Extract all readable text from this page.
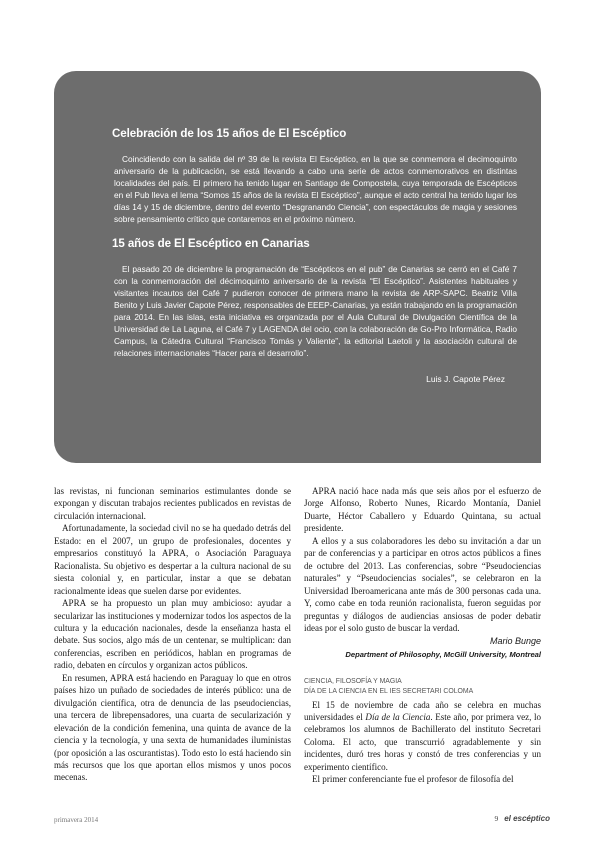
Celebración de los 15 años de El Escéptico

Coincidiendo con la salida del nº 39 de la revista El Escéptico, en la que se conmemora el decimoquinto aniversario de la publicación, se está llevando a cabo una serie de actos conmemorativos en distintas localidades del país. El primero ha tenido lugar en Santiago de Compostela, cuya temporada de Escépticos en el Pub lleva el lema “Somos 15 años de la revista El Escéptico”, aunque el acto central ha tenido lugar los días 14 y 15 de diciembre, dentro del evento “Desgranando Ciencia”, con espectáculos de magia y sesiones sobre pensamiento crítico que contaremos en el próximo número.

15 años de El Escéptico en Canarias

El pasado 20 de diciembre la programación de “Escépticos en el pub” de Canarias se cerró en el Café 7 con la conmemoración del décimoquinto aniversario de la revista “El Escéptico”. Asistentes habituales y visitantes incautos del Café 7 pudieron conocer de primera mano la revista de ARP-SAPC. Beatriz Villa Benito y Luis Javier Capote Pérez, responsables de EEEP-Canarias, ya están trabajando en la programación para 2014. En las islas, esta iniciativa es organizada por el Aula Cultural de Divulgación Científica de la Universidad de La Laguna, el Café 7 y LAGENDA del ocio, con la colaboración de Go-Pro Informática, Radio Campus, la Cátedra Cultural “Francisco Tomás y Valiente”, la editorial Laetoli y la asociación cultural de relaciones internacionales “Hacer para el desarrollo”.

Luis J. Capote Pérez

las revistas, ni funcionan seminarios estimulantes donde se expongan y discutan trabajos recientes publicados en revistas de circulación internacional.

Afortunadamente, la sociedad civil no se ha quedado detrás del Estado: en el 2007, un grupo de profesionales, docentes y empresarios constituyó la APRA, o Asociación Paraguaya Racionalista. Su objetivo es despertar a la cultura nacional de su siesta colonial y, en particular, instar a que se debatan racionalmente ideas que suelen darse por evidentes.

APRA se ha propuesto un plan muy ambicioso: ayudar a secularizar las instituciones y modernizar todos los aspectos de la cultura y la educación nacionales, desde la enseñanza hasta el debate. Sus socios, algo más de un centenar, se multiplican: dan conferencias, escriben en periódicos, hablan en programas de radio, debaten en círculos y organizan actos públicos.

En resumen, APRA está haciendo en Paraguay lo que en otros países hizo un puñado de sociedades de interés público: una de divulgación científica, otra de denuncia de las pseudociencias, una tercera de librepensadores, una cuarta de secularización y elevación de la condición femenina, una quinta de avance de la ciencia y la tecnología, y una sexta de humanidades iluministas (por oposición a las oscurantistas). Todo esto lo está haciendo sin más recursos que los que aportan ellos mismos y unos pocos mecenas.

APRA nació hace nada más que seis años por el esfuerzo de Jorge Alfonso, Roberto Nunes, Ricardo Montanía, Daniel Duarte, Héctor Caballero y Eduardo Quintana, su actual presidente.

A ellos y a sus colaboradores les debo su invitación a dar un par de conferencias y a participar en otros actos públicos a fines de octubre del 2013. Las conferencias, sobre “Pseudociencias naturales” y “Pseudociencias sociales”, se celebraron en la Universidad Iberoamericana ante más de 300 personas cada una. Y, como cabe en toda reunión racionalista, fueron seguidas por preguntas y diálogos de audiencias ansiosas de poder debatir ideas por el solo gusto de buscar la verdad.

Mario Bunge
Department of Philosophy, McGill University, Montreal
CIENCIA, FILOSOFÍA Y MAGIA
DÍA DE LA CIENCIA EN EL IES SECRETARI COLOMA

El 15 de noviembre de cada año se celebra en muchas universidades el Día de la Ciencia. Este año, por primera vez, lo celebramos los alumnos de Bachillerato del instituto Secretari Coloma. El acto, que transcurrió agradablemente y sin incidentes, duró tres horas y constó de tres conferencias y un experimento científico.

El primer conferenciante fue el profesor de filosofía del

primavera 2014	9 el escéptico
